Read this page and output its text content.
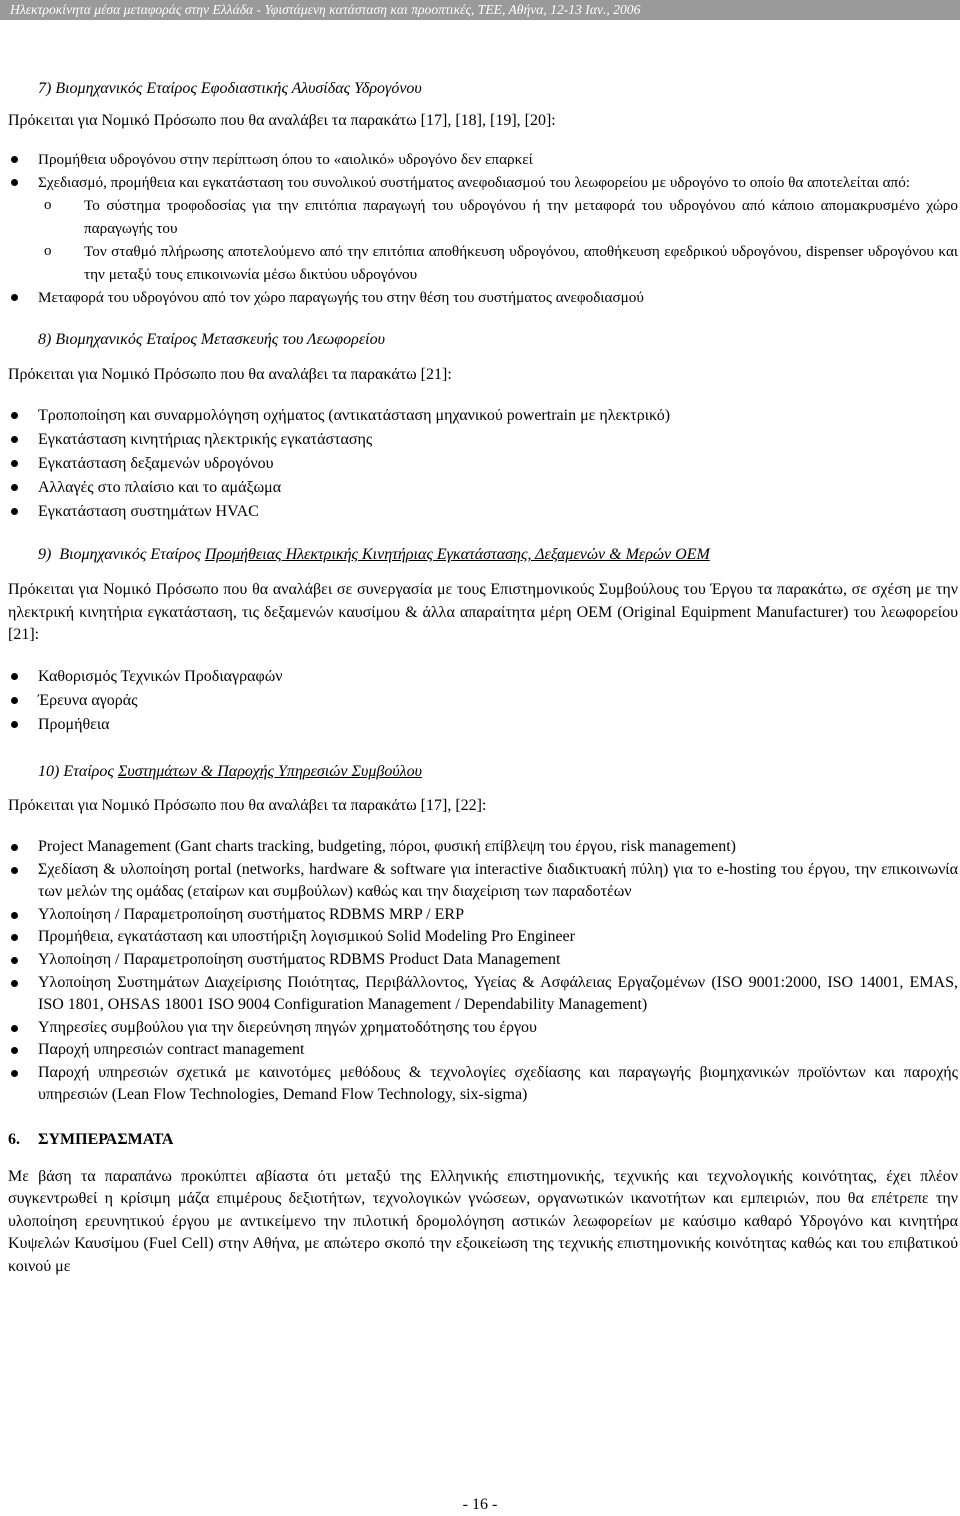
Ηλεκτροκίνητα μέσα μεταφοράς στην Ελλάδα - Υφιστάμενη κατάσταση και προοπτικές, ΤΕΕ, Αθήνα, 12-13 Ιαν., 2006
7) Βιομηχανικός Εταίρος Εφοδιαστικής Αλυσίδας Υδρογόνου
Πρόκειται για Νομικό Πρόσωπο που θα αναλάβει τα παρακάτω [17], [18], [19], [20]:
Προμήθεια υδρογόνου στην περίπτωση όπου το «αιολικό» υδρογόνο δεν επαρκεί
Σχεδιασμό, προμήθεια και εγκατάσταση του συνολικού συστήματος ανεφοδιασμού του λεωφορείου με υδρογόνο το οποίο θα αποτελείται από:
o Το σύστημα τροφοδοσίας για την επιτόπια παραγωγή του υδρογόνου ή την μεταφορά του υδρογόνου από κάποιο απομακρυσμένο χώρο παραγωγής του
o Τον σταθμό πλήρωσης αποτελούμενο από την επιτόπια αποθήκευση υδρογόνου, αποθήκευση εφεδρικού υδρογόνου, dispenser υδρογόνου και την μεταξύ τους επικοινωνία μέσω δικτύου υδρογόνου
Μεταφορά του υδρογόνου από τον χώρο παραγωγής του στην θέση του συστήματος ανεφοδιασμού
8) Βιομηχανικός Εταίρος Μετασκευής του Λεωφορείου
Πρόκειται για Νομικό Πρόσωπο που θα αναλάβει τα παρακάτω [21]:
Τροποποίηση και συναρμολόγηση οχήματος (αντικατάσταση μηχανικού powertrain με ηλεκτρικό)
Εγκατάσταση κινητήριας ηλεκτρικής εγκατάστασης
Εγκατάσταση δεξαμενών υδρογόνου
Αλλαγές στο πλαίσιο και το αμάξωμα
Εγκατάσταση συστημάτων HVAC
9) Βιομηχανικός Εταίρος Προμήθειας Ηλεκτρικής Κινητήριας Εγκατάστασης, Δεξαμενών & Μερών OEM
Πρόκειται για Νομικό Πρόσωπο που θα αναλάβει σε συνεργασία με τους Επιστημονικούς Συμβούλους του Έργου τα παρακάτω, σε σχέση με την ηλεκτρική κινητήρια εγκατάσταση, τις δεξαμενών καυσίμου & άλλα απαραίτητα μέρη OEM (Original Equipment Manufacturer) του λεωφορείου [21]:
Καθορισμός Τεχνικών Προδιαγραφών
Έρευνα αγοράς
Προμήθεια
10) Εταίρος Συστημάτων & Παροχής Υπηρεσιών Συμβούλου
Πρόκειται για Νομικό Πρόσωπο που θα αναλάβει τα παρακάτω [17], [22]:
Project Management (Gant charts tracking, budgeting, πόροι, φυσική επίβλεψη του έργου, risk management)
Σχεδίαση & υλοποίηση portal (networks, hardware & software για interactive διαδικτυακή πύλη) για το e-hosting του έργου, την επικοινωνία των μελών της ομάδας (εταίρων και συμβούλων) καθώς και την διαχείριση των παραδοτέων
Υλοποίηση / Παραμετροποίηση συστήματος RDBMS MRP / ERP
Προμήθεια, εγκατάσταση και υποστήριξη λογισμικού Solid Modeling Pro Engineer
Υλοποίηση / Παραμετροποίηση συστήματος RDBMS Product Data Management
Υλοποίηση Συστημάτων Διαχείρισης Ποιότητας, Περιβάλλοντος, Υγείας & Ασφάλειας Εργαζομένων (ISO 9001:2000, ISO 14001, EMAS, ISO 1801, OHSAS 18001 ISO 9004 Configuration Management / Dependability Management)
Υπηρεσίες συμβούλου για την διερεύνηση πηγών χρηματοδότησης του έργου
Παροχή υπηρεσιών contract management
Παροχή υπηρεσιών σχετικά με καινοτόμες μεθόδους & τεχνολογίες σχεδίασης και παραγωγής βιομηχανικών προϊόντων και παροχής υπηρεσιών (Lean Flow Technologies, Demand Flow Technology, six-sigma)
6. ΣΥΜΠΕΡΑΣΜΑΤΑ
Με βάση τα παραπάνω προκύπτει αβίαστα ότι μεταξύ της Ελληνικής επιστημονικής, τεχνικής και τεχνολογικής κοινότητας, έχει πλέον συγκεντρωθεί η κρίσιμη μάζα επιμέρους δεξιοτήτων, τεχνολογικών γνώσεων, οργανωτικών ικανοτήτων και εμπειριών, που θα επέτρεπε την υλοποίηση ερευνητικού έργου με αντικείμενο την πιλοτική δρομολόγηση αστικών λεωφορείων με καύσιμο καθαρό Υδρογόνο και κινητήρα Κυψελών Καυσίμου (Fuel Cell) στην Αθήνα, με απώτερο σκοπό την εξοικείωση της τεχνικής επιστημονικής κοινότητας καθώς και του επιβατικού κοινού με
- 16 -
